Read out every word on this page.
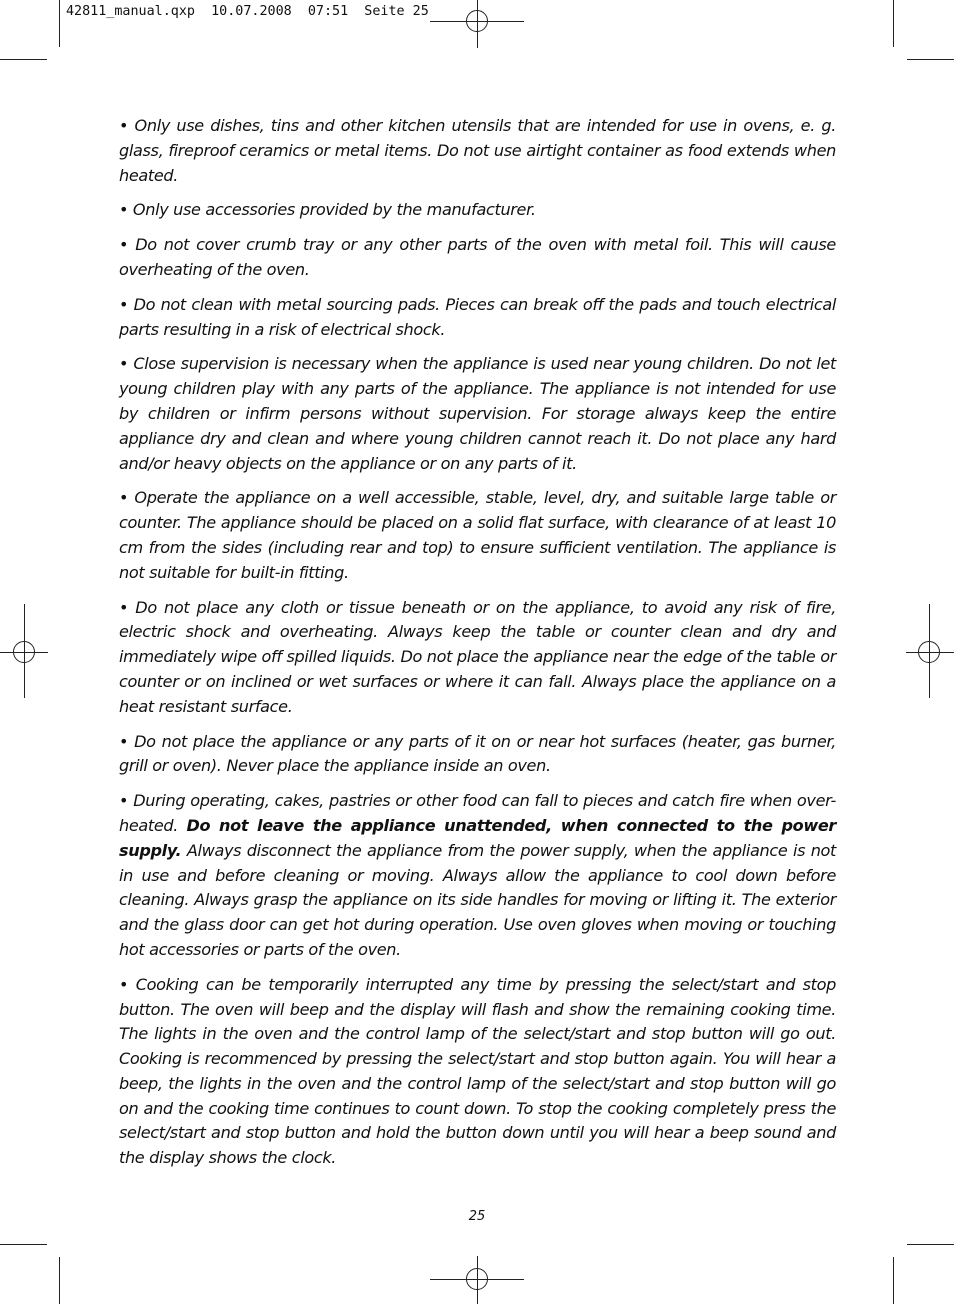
42811_manual.qxp  10.07.2008  07:51  Seite 25

• Only use dishes, tins and other kitchen utensils that are intended for use in ovens, e. g. glass, fireproof ceramics or metal items. Do not use airtight container as food extends when heated.

• Only use accessories provided by the manufacturer.

• Do not cover crumb tray or any other parts of the oven with metal foil. This will cause overheating of the oven.

• Do not clean with metal sourcing pads. Pieces can break off the pads and touch electrical parts resulting in a risk of electrical shock.

• Close supervision is necessary when the appliance is used near young children. Do not let young children play with any parts of the appliance. The appliance is not intended for use by children or infirm persons without supervision. For storage always keep the entire appliance dry and clean and where young children cannot reach it. Do not place any hard and/or heavy objects on the appliance or on any parts of it.

• Operate the appliance on a well accessible, stable, level, dry, and suitable large table or counter. The appliance should be placed on a solid flat surface, with clearance of at least 10 cm from the sides (including rear and top) to ensure sufficient ventilation. The appliance is not suitable for built-in fitting.

• Do not place any cloth or tissue beneath or on the appliance, to avoid any risk of fire, electric shock and overheating. Always keep the table or counter clean and dry and immediately wipe off spilled liquids. Do not place the appliance near the edge of the table or counter or on inclined or wet surfaces or where it can fall. Always place the appliance on a heat resistant surface.

• Do not place the appliance or any parts of it on or near hot surfaces (heater, gas burner, grill or oven). Never place the appliance inside an oven.

• During operating, cakes, pastries or other food can fall to pieces and catch fire when over-heated. Do not leave the appliance unattended, when connected to the power supply. Always disconnect the appliance from the power supply, when the appliance is not in use and before cleaning or moving. Always allow the appliance to cool down before cleaning. Always grasp the appliance on its side handles for moving or lifting it. The exterior and the glass door can get hot during operation. Use oven gloves when moving or touching hot accessories or parts of the oven.

• Cooking can be temporarily interrupted any time by pressing the select/start and stop button. The oven will beep and the display will flash and show the remaining cooking time. The lights in the oven and the control lamp of the select/start and stop button will go out. Cooking is recommenced by pressing the select/start and stop button again. You will hear a beep, the lights in the oven and the control lamp of the select/start and stop button will go on and the cooking time continues to count down. To stop the cooking completely press the select/start and stop button and hold the button down until you will hear a beep sound and the display shows the clock.

25
